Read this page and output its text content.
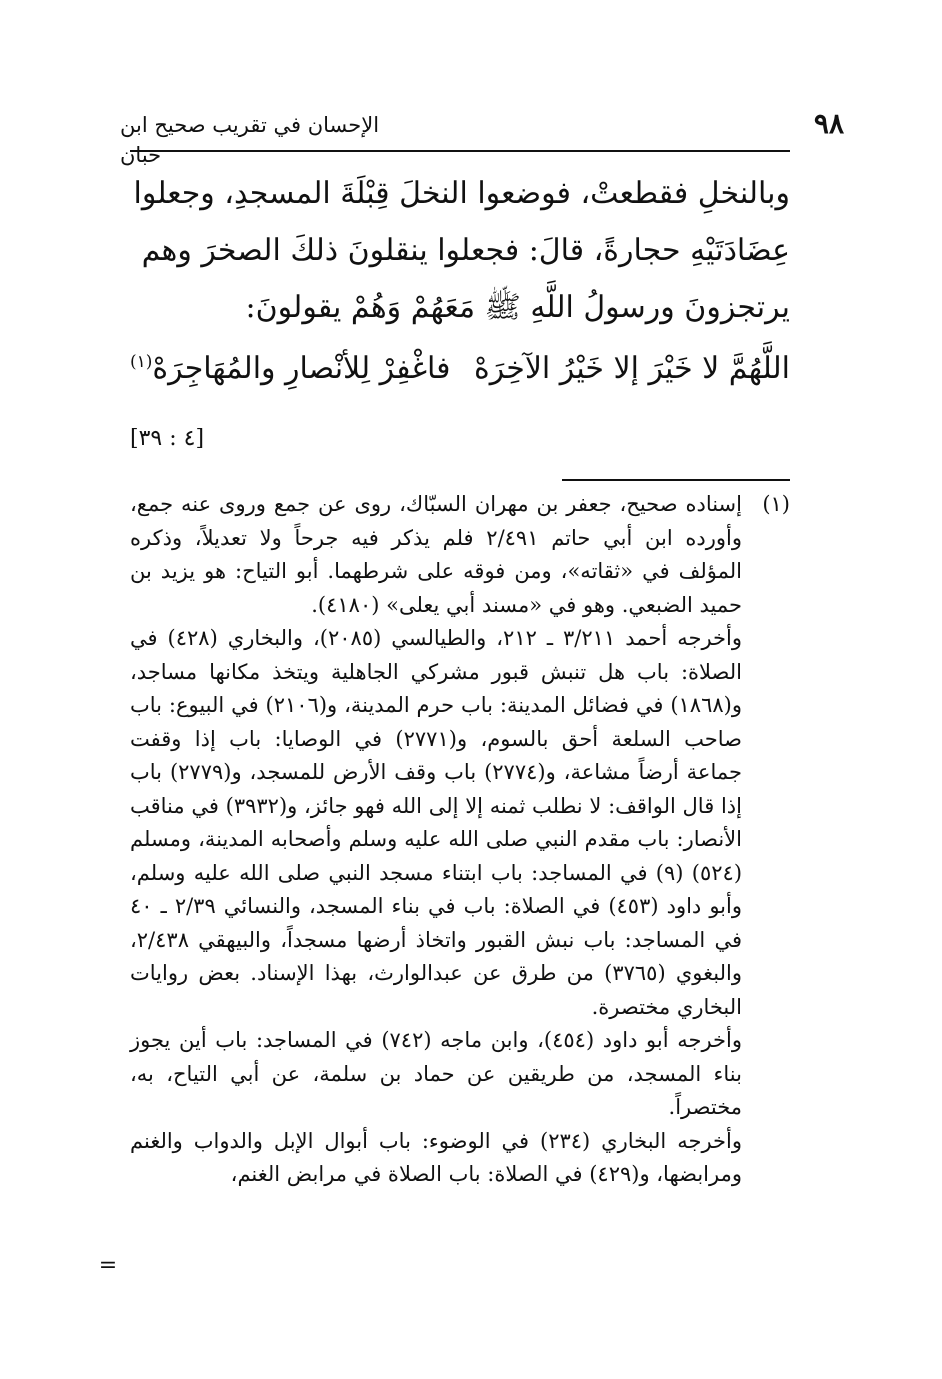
٩٨
الإحسان في تقريب صحيح ابن حبان

وبالنخلِ فقطعتْ، فوضعوا النخلَ قِبْلَةَ المسجدِ، وجعلوا

عِضَادَتَيْهِ حجارةً، قالَ: فجعلوا ينقلونَ ذلكَ الصخرَ وهم

يرتجزونَ ورسولُ اللَّهِ ﷺ مَعَهُمْ وَهُمْ يقولونَ:

اللَّهُمَّ لا خَيْرَ إلا خَيْرُ الآخِرَهْ
فاغْفِرْ لِلأنْصارِ والمُهَاجِرَهْ$^{(١)}$
[٤ : ٣٩]
(١)

إسناده صحيح، جعفر بن مهران السبّاك، روى عن جمع وروى عنه جمع، وأورده ابن أبي حاتم ٢/٤٩١ فلم يذكر فيه جرحاً ولا تعديلاً، وذكره المؤلف في «ثقاته»، ومن فوقه على شرطهما. أبو التياح: هو يزيد بن حميد الضبعي. وهو في «مسند أبي يعلى» (٤١٨٠).

وأخرجه أحمد ٣/٢١١ ـ ٢١٢، والطيالسي (٢٠٨٥)، والبخاري (٤٢٨) في الصلاة: باب هل تنبش قبور مشركي الجاهلية ويتخذ مكانها مساجد، و(١٨٦٨) في فضائل المدينة: باب حرم المدينة، و(٢١٠٦) في البيوع: باب صاحب السلعة أحق بالسوم، و(٢٧٧١) في الوصايا: باب إذا وقفت جماعة أرضاً مشاعة، و(٢٧٧٤) باب وقف الأرض للمسجد، و(٢٧٧٩) باب إذا قال الواقف: لا نطلب ثمنه إلا إلى الله فهو جائز، و(٣٩٣٢) في مناقب الأنصار: باب مقدم النبي صلى الله عليه وسلم وأصحابه المدينة، ومسلم (٥٢٤) (٩) في المساجد: باب ابتناء مسجد النبي صلى الله عليه وسلم، وأبو داود (٤٥٣) في الصلاة: باب في بناء المسجد، والنسائي ٢/٣٩ ـ ٤٠ في المساجد: باب نبش القبور واتخاذ أرضها مسجداً، والبيهقي ٢/٤٣٨، والبغوي (٣٧٦٥) من طرق عن عبدالوارث، بهذا الإسناد. بعض روايات البخاري مختصرة.

وأخرجه أبو داود (٤٥٤)، وابن ماجه (٧٤٢) في المساجد: باب أين يجوز بناء المسجد، من طريقين عن حماد بن سلمة، عن أبي التياح، به، مختصراً.

وأخرجه البخاري (٢٣٤) في الوضوء: باب أبوال الإبل والدواب والغنم ومرابضها، و(٤٢٩) في الصلاة: باب الصلاة في مرابض الغنم،

=
